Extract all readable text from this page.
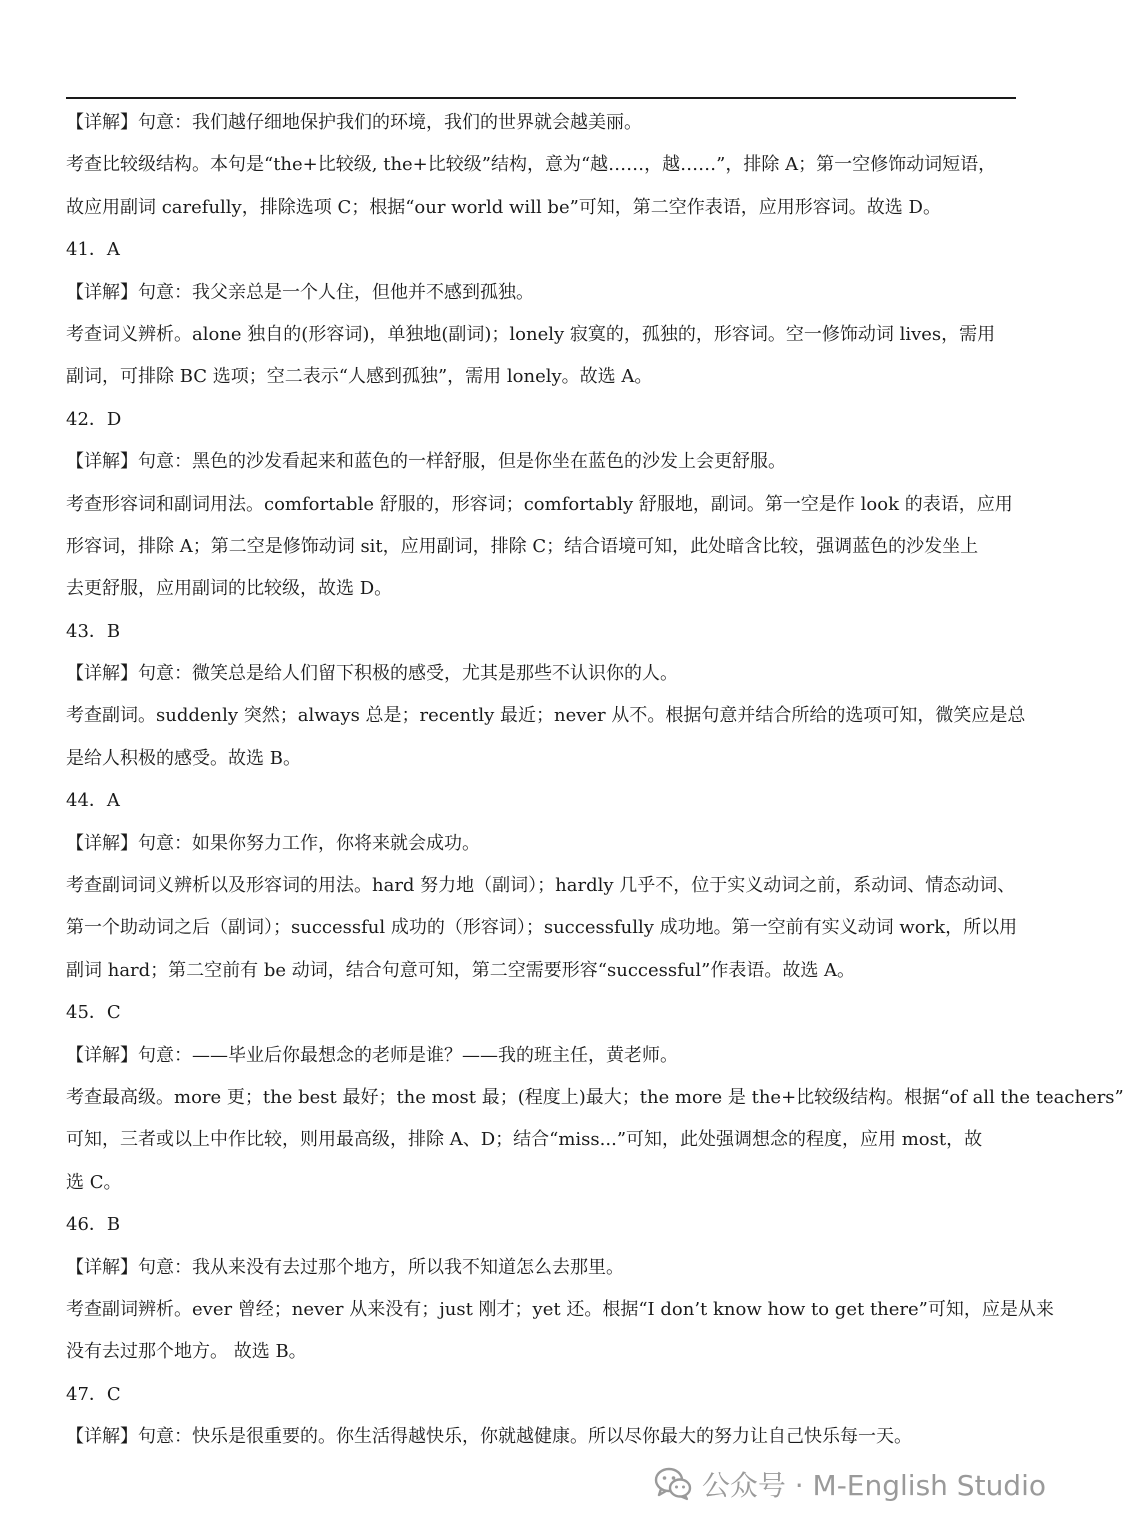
【详解】句意：我们越仔细地保护我们的环境，我们的世界就会越美丽。
考查比较级结构。本句是“the+比较级, the+比较级”结构，意为“越……，越……”，排除 A；第一空修饰动词短语，
故应用副词 carefully，排除选项 C；根据“our world will be”可知，第二空作表语，应用形容词。故选 D。
41．A
【详解】句意：我父亲总是一个人住，但他并不感到孤独。
考查词义辨析。alone 独自的(形容词)，单独地(副词)；lonely 寂寞的，孤独的，形容词。空一修饰动词 lives，需用
副词，可排除 BC 选项；空二表示“人感到孤独”，需用 lonely。故选 A。
42．D
【详解】句意：黑色的沙发看起来和蓝色的一样舒服，但是你坐在蓝色的沙发上会更舒服。
考查形容词和副词用法。comfortable 舒服的，形容词；comfortably 舒服地，副词。第一空是作 look 的表语，应用
形容词，排除 A；第二空是修饰动词 sit，应用副词，排除 C；结合语境可知，此处暗含比较，强调蓝色的沙发坐上
去更舒服，应用副词的比较级，故选 D。
43．B
【详解】句意：微笑总是给人们留下积极的感受，尤其是那些不认识你的人。
考查副词。suddenly 突然；always 总是；recently 最近；never 从不。根据句意并结合所给的选项可知，微笑应是总
是给人积极的感受。故选 B。
44．A
【详解】句意：如果你努力工作，你将来就会成功。
考查副词词义辨析以及形容词的用法。hard 努力地（副词）；hardly 几乎不，位于实义动词之前，系动词、情态动词、
第一个助动词之后（副词）；successful 成功的（形容词）；successfully 成功地。第一空前有实义动词 work，所以用
副词 hard；第二空前有 be 动词，结合句意可知，第二空需要形容“successful”作表语。故选 A。
45．C
【详解】句意：——毕业后你最想念的老师是谁？——我的班主任，黄老师。
考查最高级。more 更；the best 最好；the most 最；(程度上)最大；the more 是 the+比较级结构。根据“of all the teachers”
可知，三者或以上中作比较，则用最高级，排除 A、D；结合“miss...”可知，此处强调想念的程度，应用 most，故
选 C。
46．B
【详解】句意：我从来没有去过那个地方，所以我不知道怎么去那里。
考查副词辨析。ever 曾经；never 从来没有；just 刚才；yet 还。根据“I don’t know how to get there”可知，应是从来
没有去过那个地方。 故选 B。
47．C
【详解】句意：快乐是很重要的。你生活得越快乐，你就越健康。所以尽你最大的努力让自己快乐每一天。
公众号 · M-English Studio
